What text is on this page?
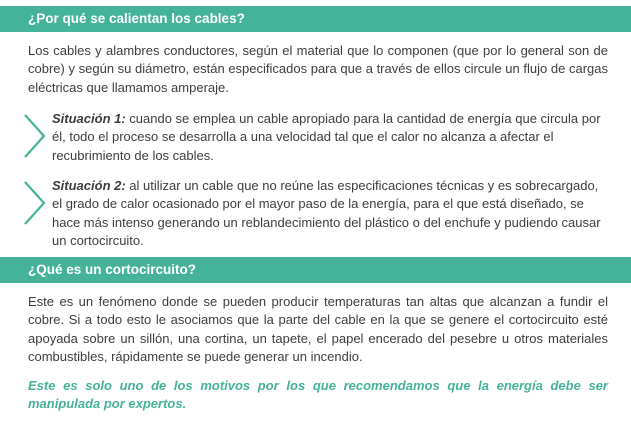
¿Por qué se calientan los cables?

Los cables y alambres conductores, según el material que lo componen (que por lo general son de cobre) y según su diámetro, están especificados para que a través de ellos circule un flujo de cargas eléctricas que llamamos amperaje.

Situación 1: cuando se emplea un cable apropiado para la cantidad de energía que circula por él, todo el proceso se desarrolla a una velocidad tal que el calor no alcanza a afectar el recubrimiento de los cables.

Situación 2: al utilizar un cable que no reúne las especificaciones técnicas y es sobrecargado, el grado de calor ocasionado por el mayor paso de la energía, para el que está diseñado, se hace más intenso generando un reblandecimiento del plástico o del enchufe y pudiendo causar un cortocircuito.

¿Qué es un cortocircuito?

Este es un fenómeno donde se pueden producir temperaturas tan altas que alcanzan a fundir el cobre. Si a todo esto le asociamos que la parte del cable en la que se genere el cortocircuito esté apoyada sobre un sillón, una cortina, un tapete, el papel encerado del pesebre u otros materiales combustibles, rápidamente se puede generar un incendio.

Este es solo uno de los motivos por los que recomendamos que la energía debe ser manipulada por expertos.
